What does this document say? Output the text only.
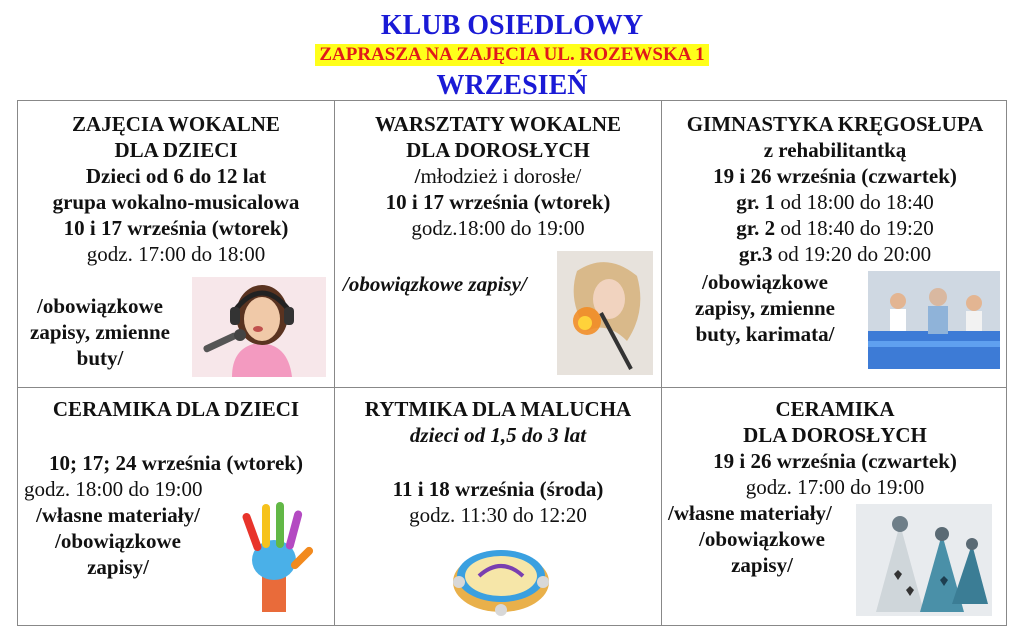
KLUB OSIEDLOWY
ZAPRASZA NA ZAJĘCIA UL. ROZEWSKA 1
WRZESIEŃ
ZAJĘCIA WOKALNE
DLA DZIECI
Dzieci od 6 do 12 lat
grupa wokalno-musicalowa
10 i 17 września (wtorek)
godz. 17:00 do 18:00
/obowiązkowe
zapisy, zmienne
buty/
WARSZTATY WOKALNE
DLA DOROSŁYCH
/młodzież i dorosłe/
10 i 17 września (wtorek)
godz.18:00 do 19:00
/obowiązkowe zapisy/
GIMNASTYKA KRĘGOSŁUPA
z rehabilitantką
19 i 26 września (czwartek)
gr. 1 od 18:00 do 18:40
gr. 2 od 18:40 do 19:20
gr.3 od 19:20 do 20:00
/obowiązkowe
zapisy, zmienne
buty, karimata/
CERAMIKA DLA DZIECI
10; 17; 24 września (wtorek)
godz. 18:00 do 19:00
/własne materiały/
/obowiązkowe
zapisy/
RYTMIKA DLA MALUCHA
dzieci od 1,5 do 3 lat
11 i 18 września (środa)
godz. 11:30 do 12:20
CERAMIKA
DLA DOROSŁYCH
19 i 26 września (czwartek)
godz. 17:00 do 19:00
/własne materiały/
/obowiązkowe
zapisy/
